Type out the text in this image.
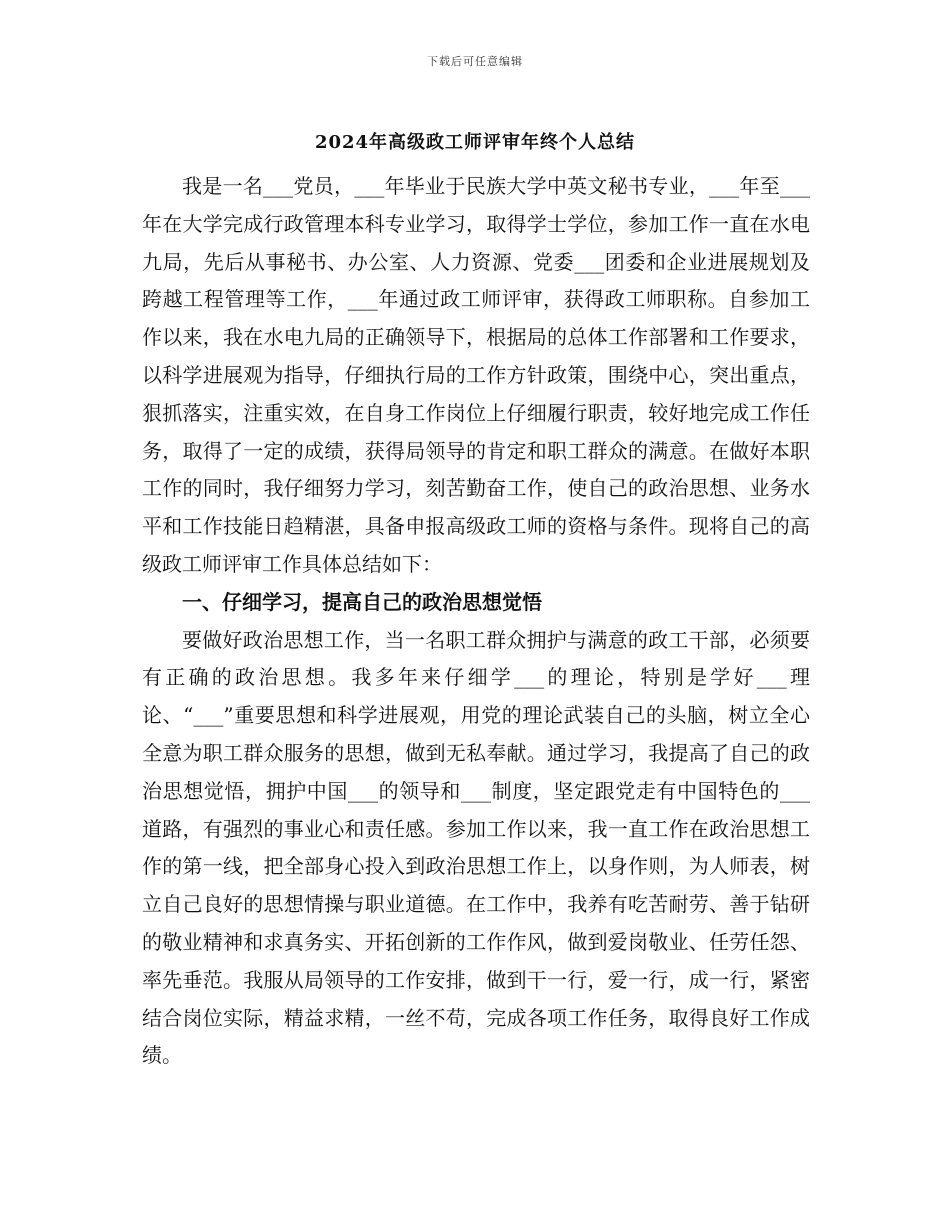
下载后可任意编辑
2024年高级政工师评审年终个人总结

我是一名___党员，___年毕业于民族大学中英文秘书专业，___年至___年在大学完成行政管理本科专业学习，取得学士学位，参加工作一直在水电九局，先后从事秘书、办公室、人力资源、党委___团委和企业进展规划及跨越工程管理等工作，___年通过政工师评审，获得政工师职称。自参加工作以来，我在水电九局的正确领导下，根据局的总体工作部署和工作要求，以科学进展观为指导，仔细执行局的工作方针政策，围绕中心，突出重点，狠抓落实，注重实效，在自身工作岗位上仔细履行职责，较好地完成工作任务，取得了一定的成绩，获得局领导的肯定和职工群众的满意。在做好本职工作的同时，我仔细努力学习，刻苦勤奋工作，使自己的政治思想、业务水平和工作技能日趋精湛，具备申报高级政工师的资格与条件。现将自己的高级政工师评审工作具体总结如下：

一、仔细学习，提高自己的政治思想觉悟

要做好政治思想工作，当一名职工群众拥护与满意的政工干部，必须要有正确的政治思想。我多年来仔细学___的理论，特别是学好___理论、“___”重要思想和科学进展观，用党的理论武装自己的头脑，树立全心全意为职工群众服务的思想，做到无私奉献。通过学习，我提高了自己的政治思想觉悟，拥护中国___的领导和___制度，坚定跟党走有中国特色的___道路，有强烈的事业心和责任感。参加工作以来，我一直工作在政治思想工作的第一线，把全部身心投入到政治思想工作上，以身作则，为人师表，树立自己良好的思想情操与职业道德。在工作中，我养有吃苦耐劳、善于钻研的敬业精神和求真务实、开拓创新的工作作风，做到爱岗敬业、任劳任怨、率先垂范。我服从局领导的工作安排，做到干一行，爱一行，成一行，紧密结合岗位实际，精益求精，一丝不苟，完成各项工作任务，取得良好工作成绩。
